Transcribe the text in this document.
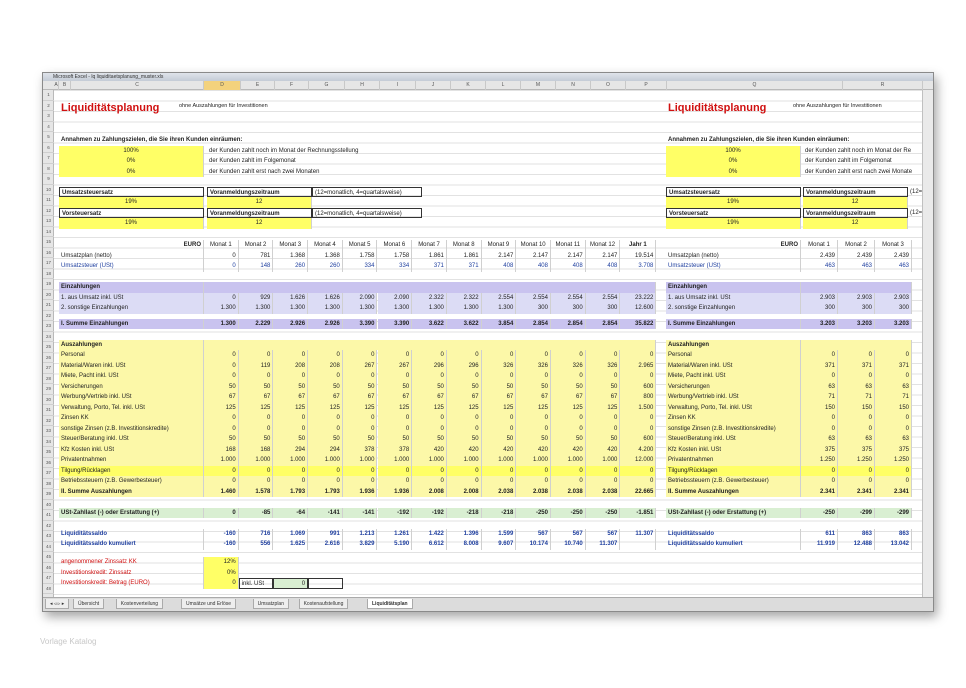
Microsoft Excel - lq liquiditaetsplanung_muster.xls
A	B	C	D	E	F	G	H	I	J	K	L	M	N	O	P	Q	R
1
2
3
4
5
6
7
8
9
10
11
12
13
14
15
16
17
18
19
20
21
22
23
24
25
26
27
28
29
30
31
32
33
34
35
36
37
38
39
40
41
42
43
44
45
46
47
48
Liquiditätsplanung	ohne Auszahlungen für Investitionen	Liquiditätsplanung	ohne Auszahlungen für Investitionen
Annahmen zu Zahlungszielen, die Sie ihren Kunden einräumen:	Annahmen zu Zahlungszielen, die Sie ihren Kunden einräumen:
100%	der Kunden zahlt noch im Monat der Rechnungsstellung	100%	der Kunden zahlt noch im Monat der Re
0%	der Kunden zahlt im Folgemonat	0%	der Kunden zahlt im Folgemonat
0%	der Kunden zahlt erst nach zwei Monaten	0%	der Kunden zahlt erst nach zwei Monate
Umsatzsteuersatz	Voranmeldungszeitraum	(12=monatlich, 4=quartalsweise)
19%	12
Vorsteuersatz	Voranmeldungszeitraum	(12=monatlich, 4=quartalsweise)
19%	12
Umsatzsteuersatz	Voranmeldungszeitraum	(12=
19%	12
Vorsteuersatz	Voranmeldungszeitraum	(12=
19%	12
EURO	Monat 1	Monat 2	Monat 3	Monat 4	Monat 5	Monat 6	Monat 7	Monat 8	Monat 9	Monat 10	Monat 11	Monat 12	Jahr 1	EURO	Monat 1	Monat 2	Monat 3
Umsatzplan (netto)	0	781	1.368	1.368	1.758	1.758	1.861	1.861	2.147	2.147	2.147	2.147	19.514	Umsatzplan (netto)	2.439	2.439	2.439
Umsatzsteuer (USt)	0	148	260	260	334	334	371	371	408	408	408	408	3.708	Umsatzsteuer (USt)	463	463	463
Einzahlungen	Einzahlungen
1. aus Umsatz inkl. USt	0	929	1.626	1.626	2.090	2.090	2.322	2.322	2.554	2.554	2.554	2.554	23.222	1. aus Umsatz inkl. USt	2.903	2.903	2.903
2. sonstige Einzahlungen	1.300	1.300	1.300	1.300	1.300	1.300	1.300	1.300	1.300	300	300	300	12.600	2. sonstige Einzahlungen	300	300	300
I. Summe Einzahlungen	1.300	2.229	2.926	2.926	3.390	3.390	3.622	3.622	3.854	2.854	2.854	2.854	35.822	I. Summe Einzahlungen	3.203	3.203	3.203
Auszahlungen	Auszahlungen
Personal	0	0	0	0	0	0	0	0	0	0	0	0	0	Personal	0	0	0
Material/Waren inkl. USt	0	119	208	208	267	267	296	296	326	326	326	326	2.965	Material/Waren inkl. USt	371	371	371
Miete, Pacht inkl. USt	0	0	0	0	0	0	0	0	0	0	0	0	0	Miete, Pacht inkl. USt	0	0	0
Versicherungen	50	50	50	50	50	50	50	50	50	50	50	50	600	Versicherungen	63	63	63
Werbung/Vertrieb inkl. USt	67	67	67	67	67	67	67	67	67	67	67	67	800	Werbung/Vertrieb inkl. USt	71	71	71
Verwaltung, Porto, Tel. inkl. USt	125	125	125	125	125	125	125	125	125	125	125	125	1.500	Verwaltung, Porto, Tel. inkl. USt	150	150	150
Zinsen KK	0	0	0	0	0	0	0	0	0	0	0	0	0	Zinsen KK	0	0	0
sonstige Zinsen (z.B. Investitionskredite)	0	0	0	0	0	0	0	0	0	0	0	0	0	sonstige Zinsen (z.B. Investitionskredite)	0	0	0
Steuer/Beratung inkl. USt	50	50	50	50	50	50	50	50	50	50	50	50	600	Steuer/Beratung inkl. USt	63	63	63
Kfz Kosten inkl. USt	168	168	294	294	378	378	420	420	420	420	420	420	4.200	Kfz Kosten inkl. USt	375	375	375
Privatentnahmen	1.000	1.000	1.000	1.000	1.000	1.000	1.000	1.000	1.000	1.000	1.000	1.000	12.000	Privatentnahmen	1.250	1.250	1.250
Tilgung/Rücklagen	0	0	0	0	0	0	0	0	0	0	0	0	0	Tilgung/Rücklagen	0	0	0
Betriebssteuern (z.B. Gewerbesteuer)	0	0	0	0	0	0	0	0	0	0	0	0	0	Betriebssteuern (z.B. Gewerbesteuer)	0	0	0
II. Summe Auszahlungen	1.460	1.578	1.793	1.793	1.936	1.936	2.008	2.008	2.038	2.038	2.038	2.038	22.665	II. Summe Auszahlungen	2.341	2.341	2.341
USt-Zahllast (-) oder Erstattung (+)	0	-85	-64	-141	-141	-192	-192	-218	-218	-250	-250	-250	-1.851	USt-Zahllast (-) oder Erstattung (+)	-250	-299	-299
Liquiditätssaldo	-160	716	1.069	991	1.213	1.261	1.422	1.396	1.599	567	567	567	11.307	Liquiditätssaldo	611	863	863
Liquiditätssaldo kumuliert	-160	556	1.625	2.616	3.829	5.190	6.612	8.008	9.607	10.174	10.740	11.307	Liquiditätssaldo kumuliert	11.919	12.488	13.042
angenommener Zinssatz KK	12%
Investitionskredit: Zinssatz	0%
Investitionskredit: Betrag (EURO)	0	inkl. USt	0
◂ ◃ ▹ ▸	Übersicht	Kostenverteilung	Umsätze und Erlöse	Umsatzplan	Kostenaufstellung	Liquiditätsplan
Vorlage Katalog
